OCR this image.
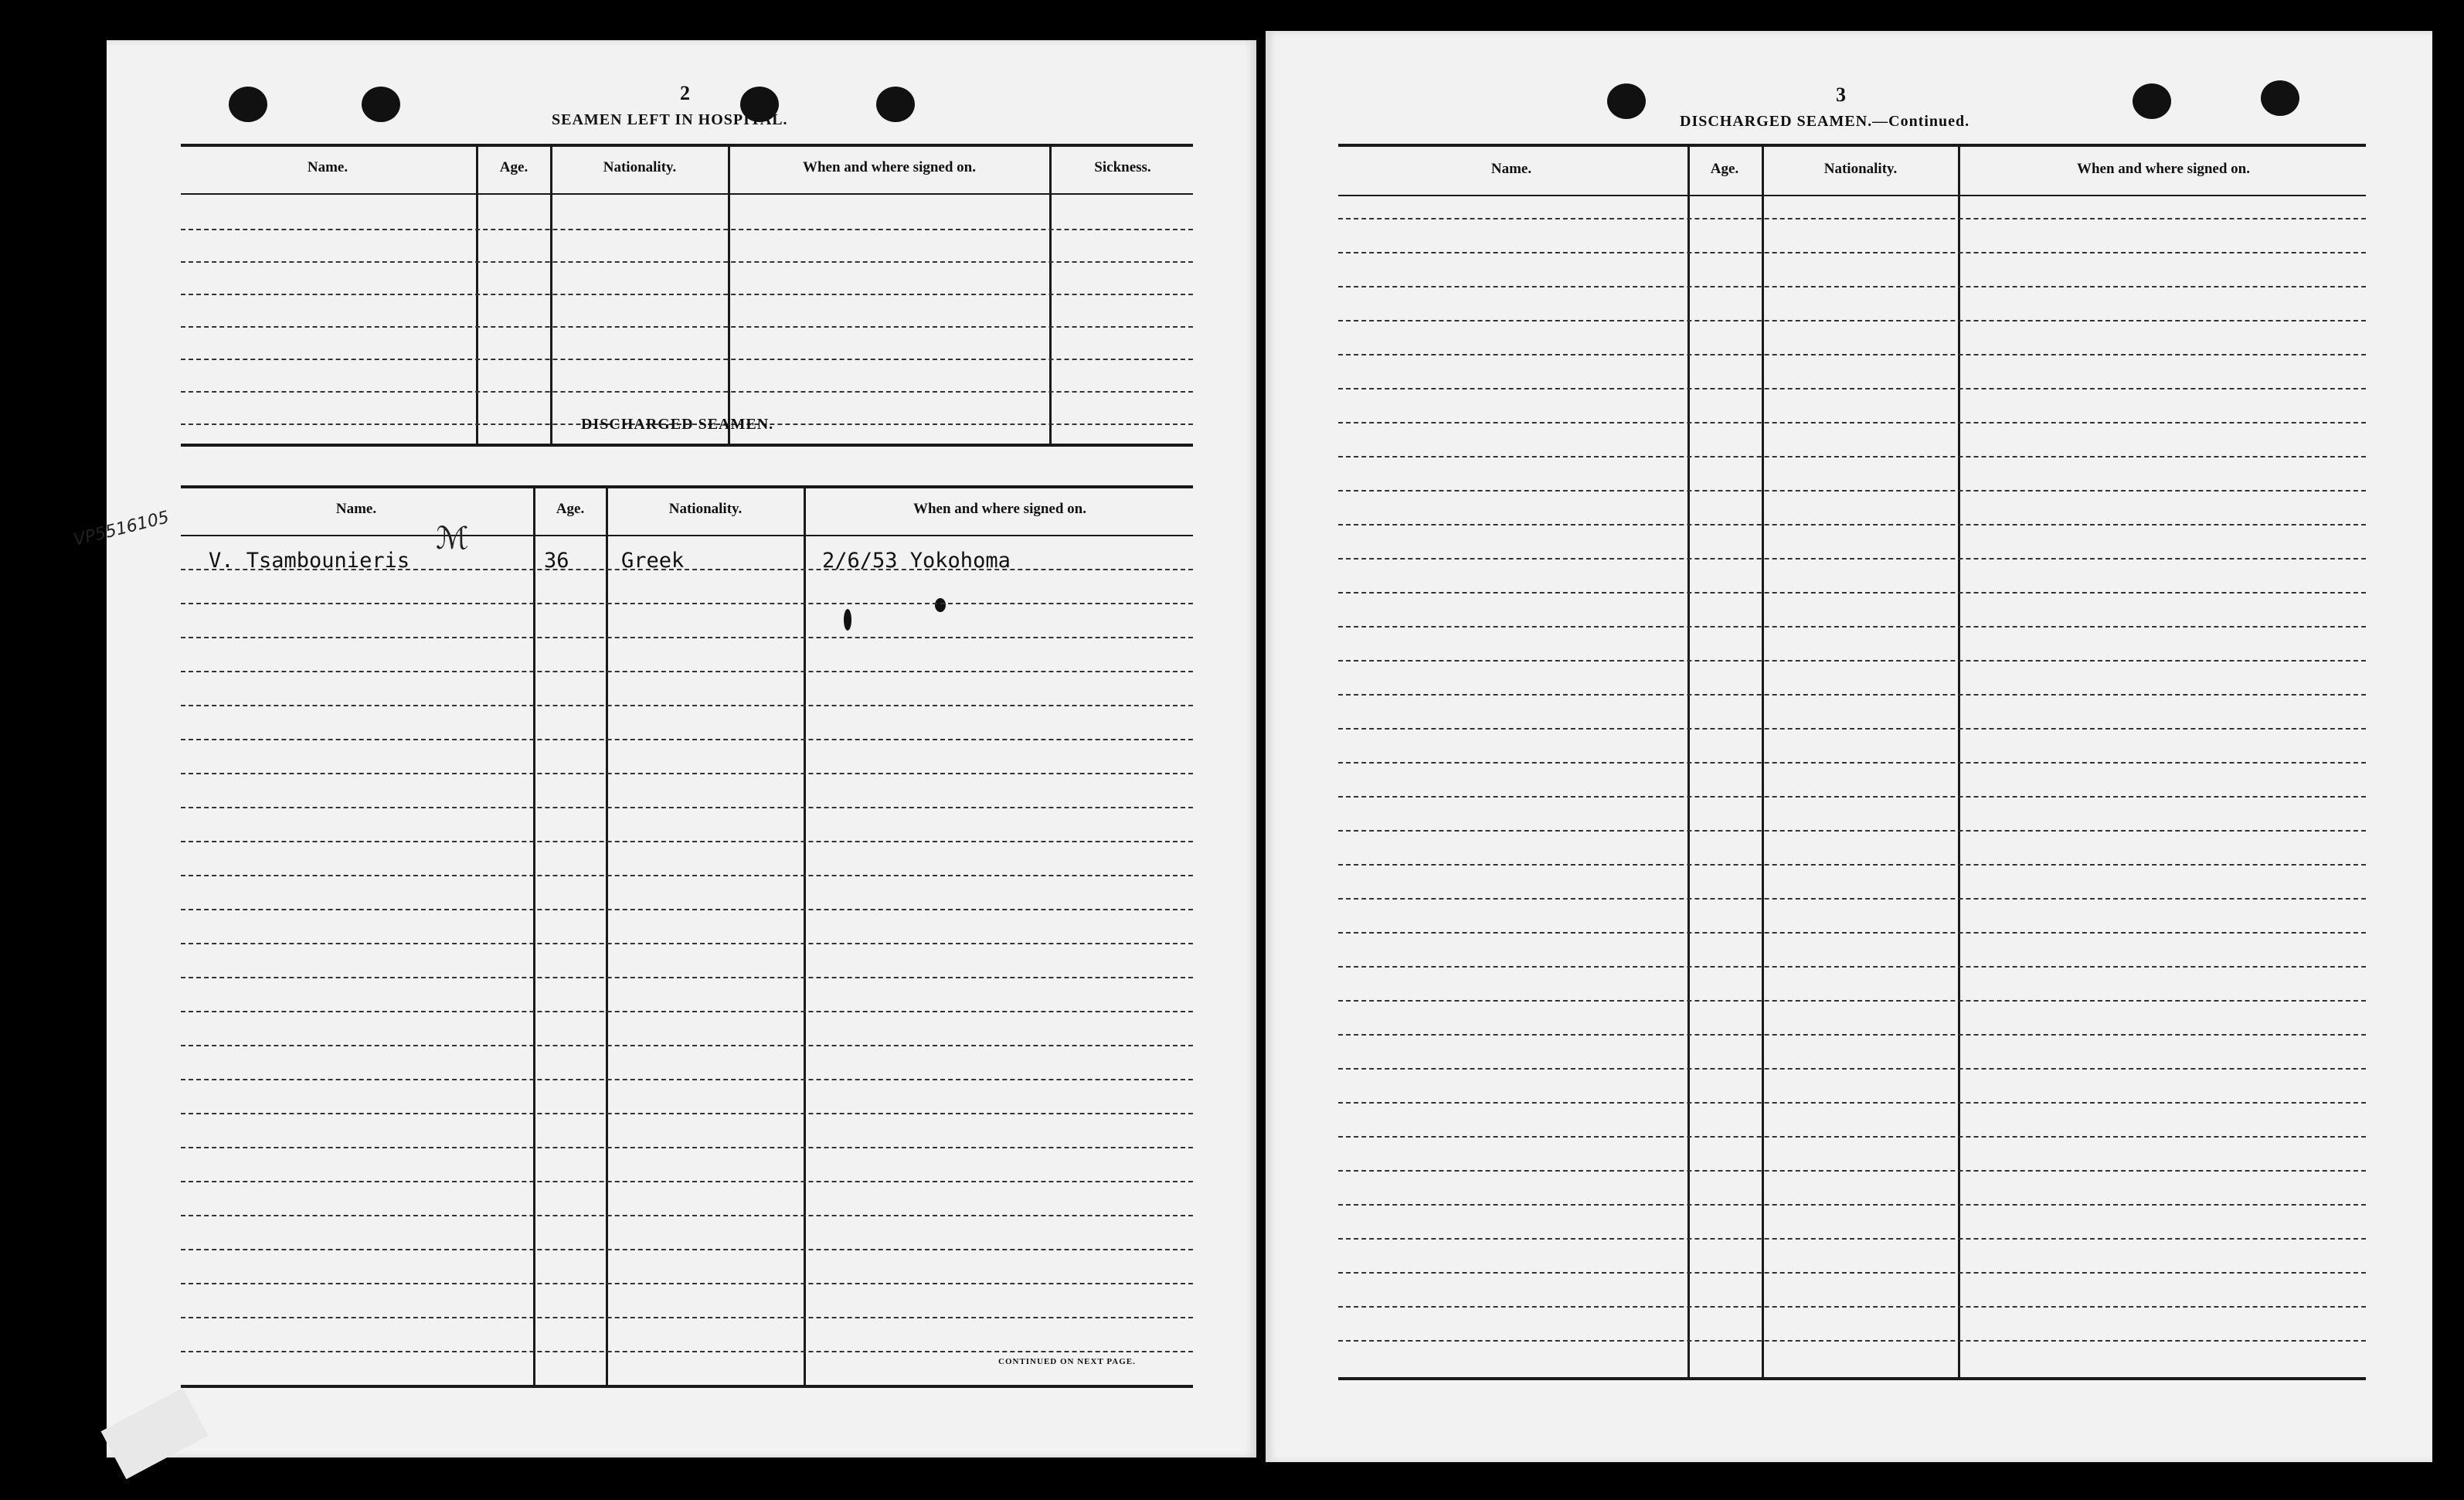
2
SEAMEN LEFT IN HOSPITAL.
Name.	Age.	Nationality.	When and where signed on.	Sickness.
DISCHARGED SEAMEN.
Name.	Age.	Nationality.	When and where signed on.
VP5516105	ℳ
V. Tsambounieris	36 Greek	2/6/53 Yokohoma
CONTINUED ON NEXT PAGE.
3
DISCHARGED SEAMEN.—Continued.
Name.	Age.	Nationality.	When and where signed on.
